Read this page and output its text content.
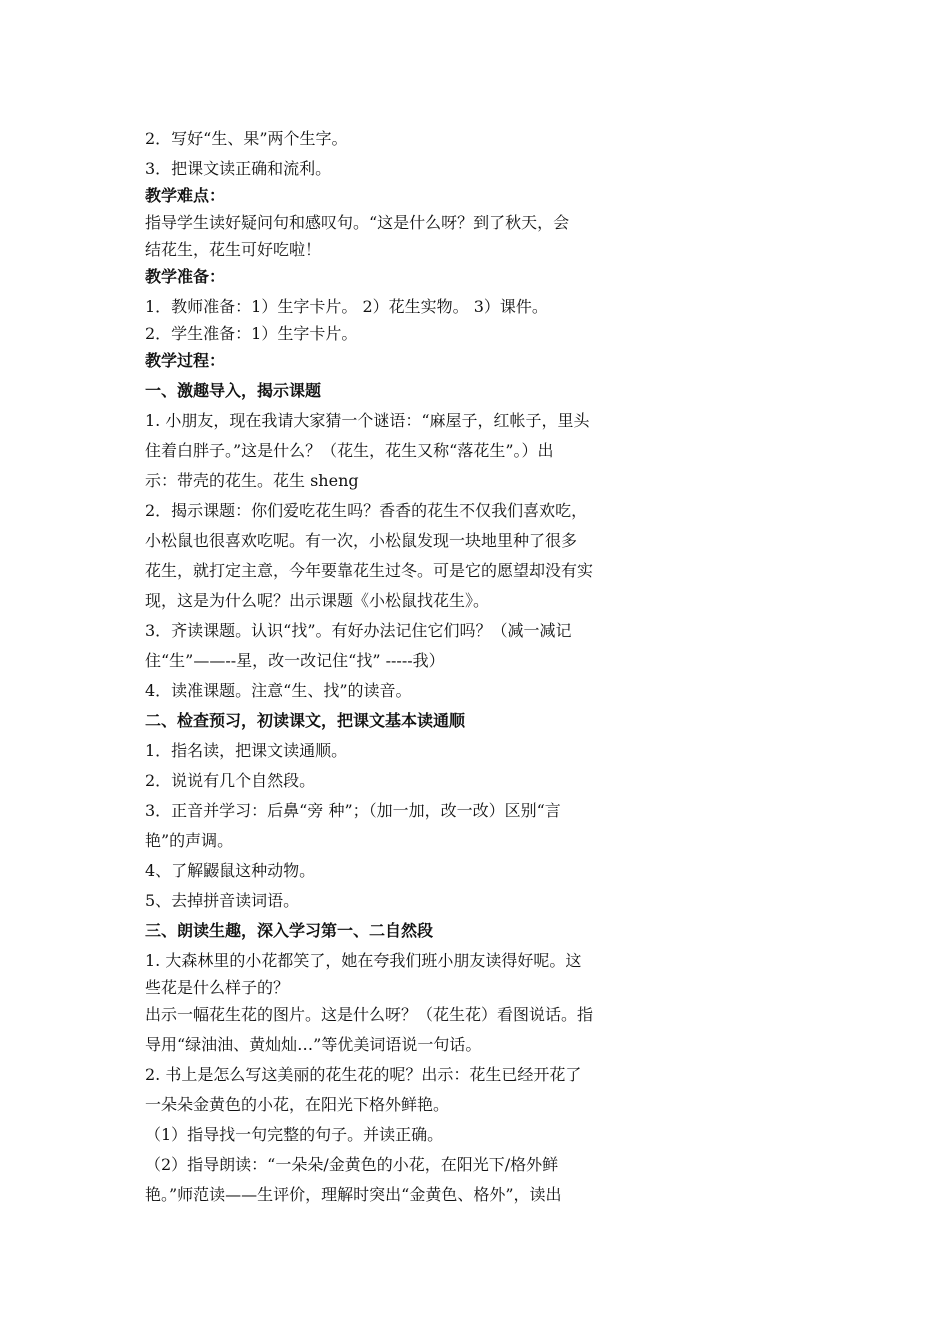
2．写好“生、果”两个生字。
3．把课文读正确和流利。
教学难点：
指导学生读好疑问句和感叹句。“这是什么呀？到了秋天，会
结花生，花生可好吃啦！
教学准备：
1．教师准备：1）生字卡片。 2）花生实物。 3）课件。
2．学生准备：1）生字卡片。
教学过程：
一、激趣导入，揭示课题
1. 小朋友，现在我请大家猜一个谜语：“麻屋子，红帐子，里头
住着白胖子。”这是什么？（花生，花生又称“落花生”。）出
示：带壳的花生。花生 sheng
2．揭示课题：你们爱吃花生吗？香香的花生不仅我们喜欢吃，
小松鼠也很喜欢吃呢。有一次，小松鼠发现一块地里种了很多
花生，就打定主意，今年要靠花生过冬。可是它的愿望却没有实
现，这是为什么呢？出示课题《小松鼠找花生》。
3．齐读课题。认识“找”。有好办法记住它们吗？（减一减记
住“生”——--星，改一改记住“找” -----我）
4．读准课题。注意“生、找”的读音。
二、检查预习，初读课文，把课文基本读通顺
1．指名读，把课文读通顺。
2．说说有几个自然段。
3．正音并学习：后鼻“旁 种”；（加一加，改一改）区别“言
艳”的声调。
4、了解鼹鼠这种动物。
5、去掉拼音读词语。
三、朗读生趣，深入学习第一、二自然段
1. 大森林里的小花都笑了，她在夸我们班小朋友读得好呢。这
些花是什么样子的？
出示一幅花生花的图片。这是什么呀？（花生花）看图说话。指
导用“绿油油、黄灿灿…”等优美词语说一句话。
2. 书上是怎么写这美丽的花生花的呢？出示：花生已经开花了
一朵朵金黄色的小花，在阳光下格外鲜艳。
（1）指导找一句完整的句子。并读正确。
（2）指导朗读：“一朵朵/金黄色的小花，在阳光下/格外鲜
艳。”师范读——生评价，理解时突出“金黄色、格外”，读出
